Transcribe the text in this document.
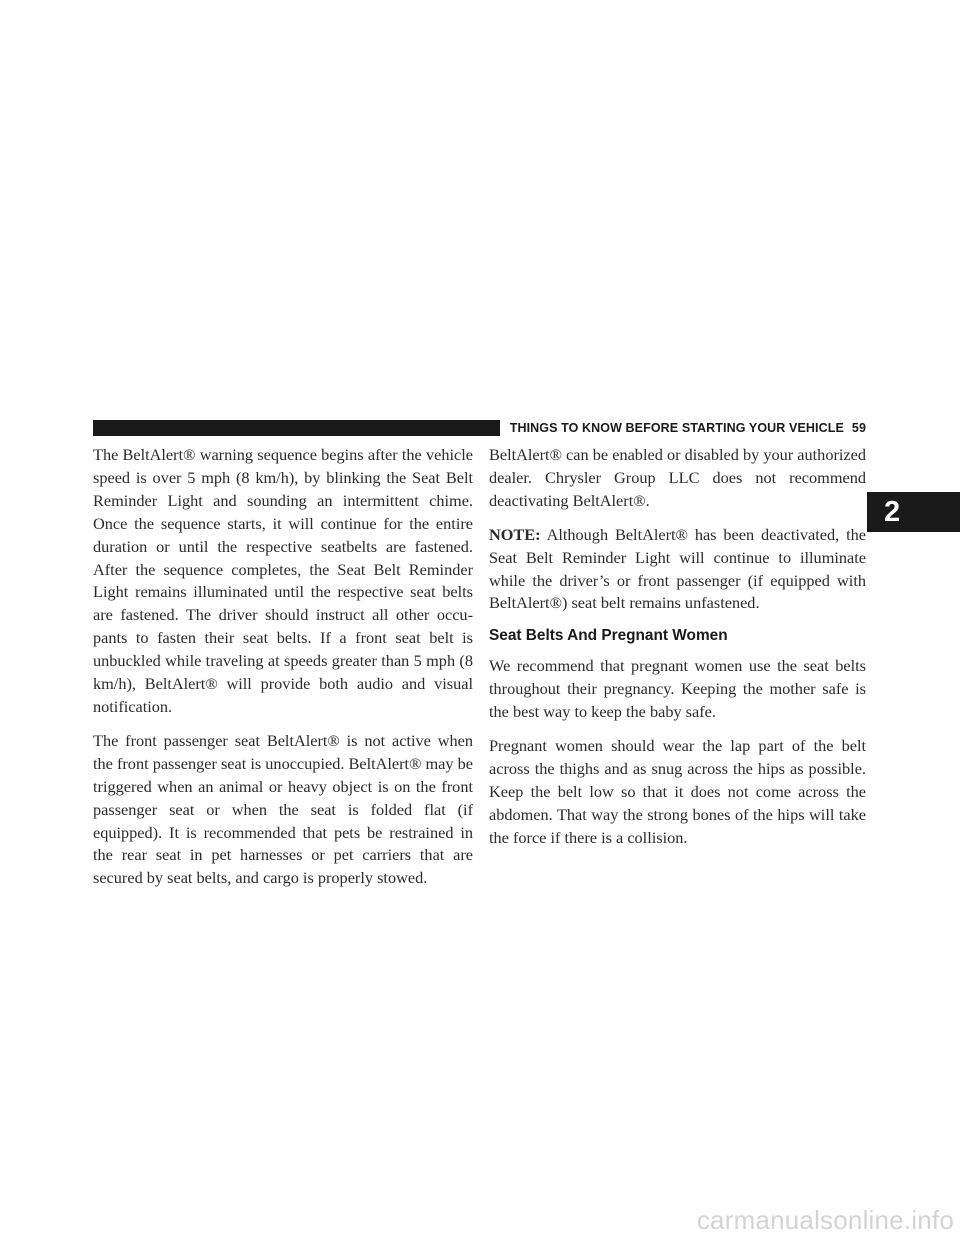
THINGS TO KNOW BEFORE STARTING YOUR VEHICLE 59
2

The BeltAlert® warning sequence begins after the vehicle speed is over 5 mph (8 km/h), by blinking the Seat Belt Reminder Light and sounding an intermittent chime. Once the sequence starts, it will continue for the entire duration or until the respective seatbelts are fastened. After the sequence completes, the Seat Belt Reminder Light remains illuminated until the respective seat belts are fastened. The driver should instruct all other occupants to fasten their seat belts. If a front seat belt is unbuckled while traveling at speeds greater than 5 mph (8 km/h), BeltAlert® will provide both audio and visual notification.

The front passenger seat BeltAlert® is not active when the front passenger seat is unoccupied. BeltAlert® may be triggered when an animal or heavy object is on the front passenger seat or when the seat is folded flat (if equipped). It is recommended that pets be restrained in the rear seat in pet harnesses or pet carriers that are secured by seat belts, and cargo is properly stowed.

BeltAlert® can be enabled or disabled by your authorized dealer. Chrysler Group LLC does not recommend deactivating BeltAlert®.

NOTE: Although BeltAlert® has been deactivated, the Seat Belt Reminder Light will continue to illuminate while the driver’s or front passenger (if equipped with BeltAlert®) seat belt remains unfastened.

Seat Belts And Pregnant Women

We recommend that pregnant women use the seat belts throughout their pregnancy. Keeping the mother safe is the best way to keep the baby safe.

Pregnant women should wear the lap part of the belt across the thighs and as snug across the hips as possible. Keep the belt low so that it does not come across the abdomen. That way the strong bones of the hips will take the force if there is a collision.

carmanualsonline.info
